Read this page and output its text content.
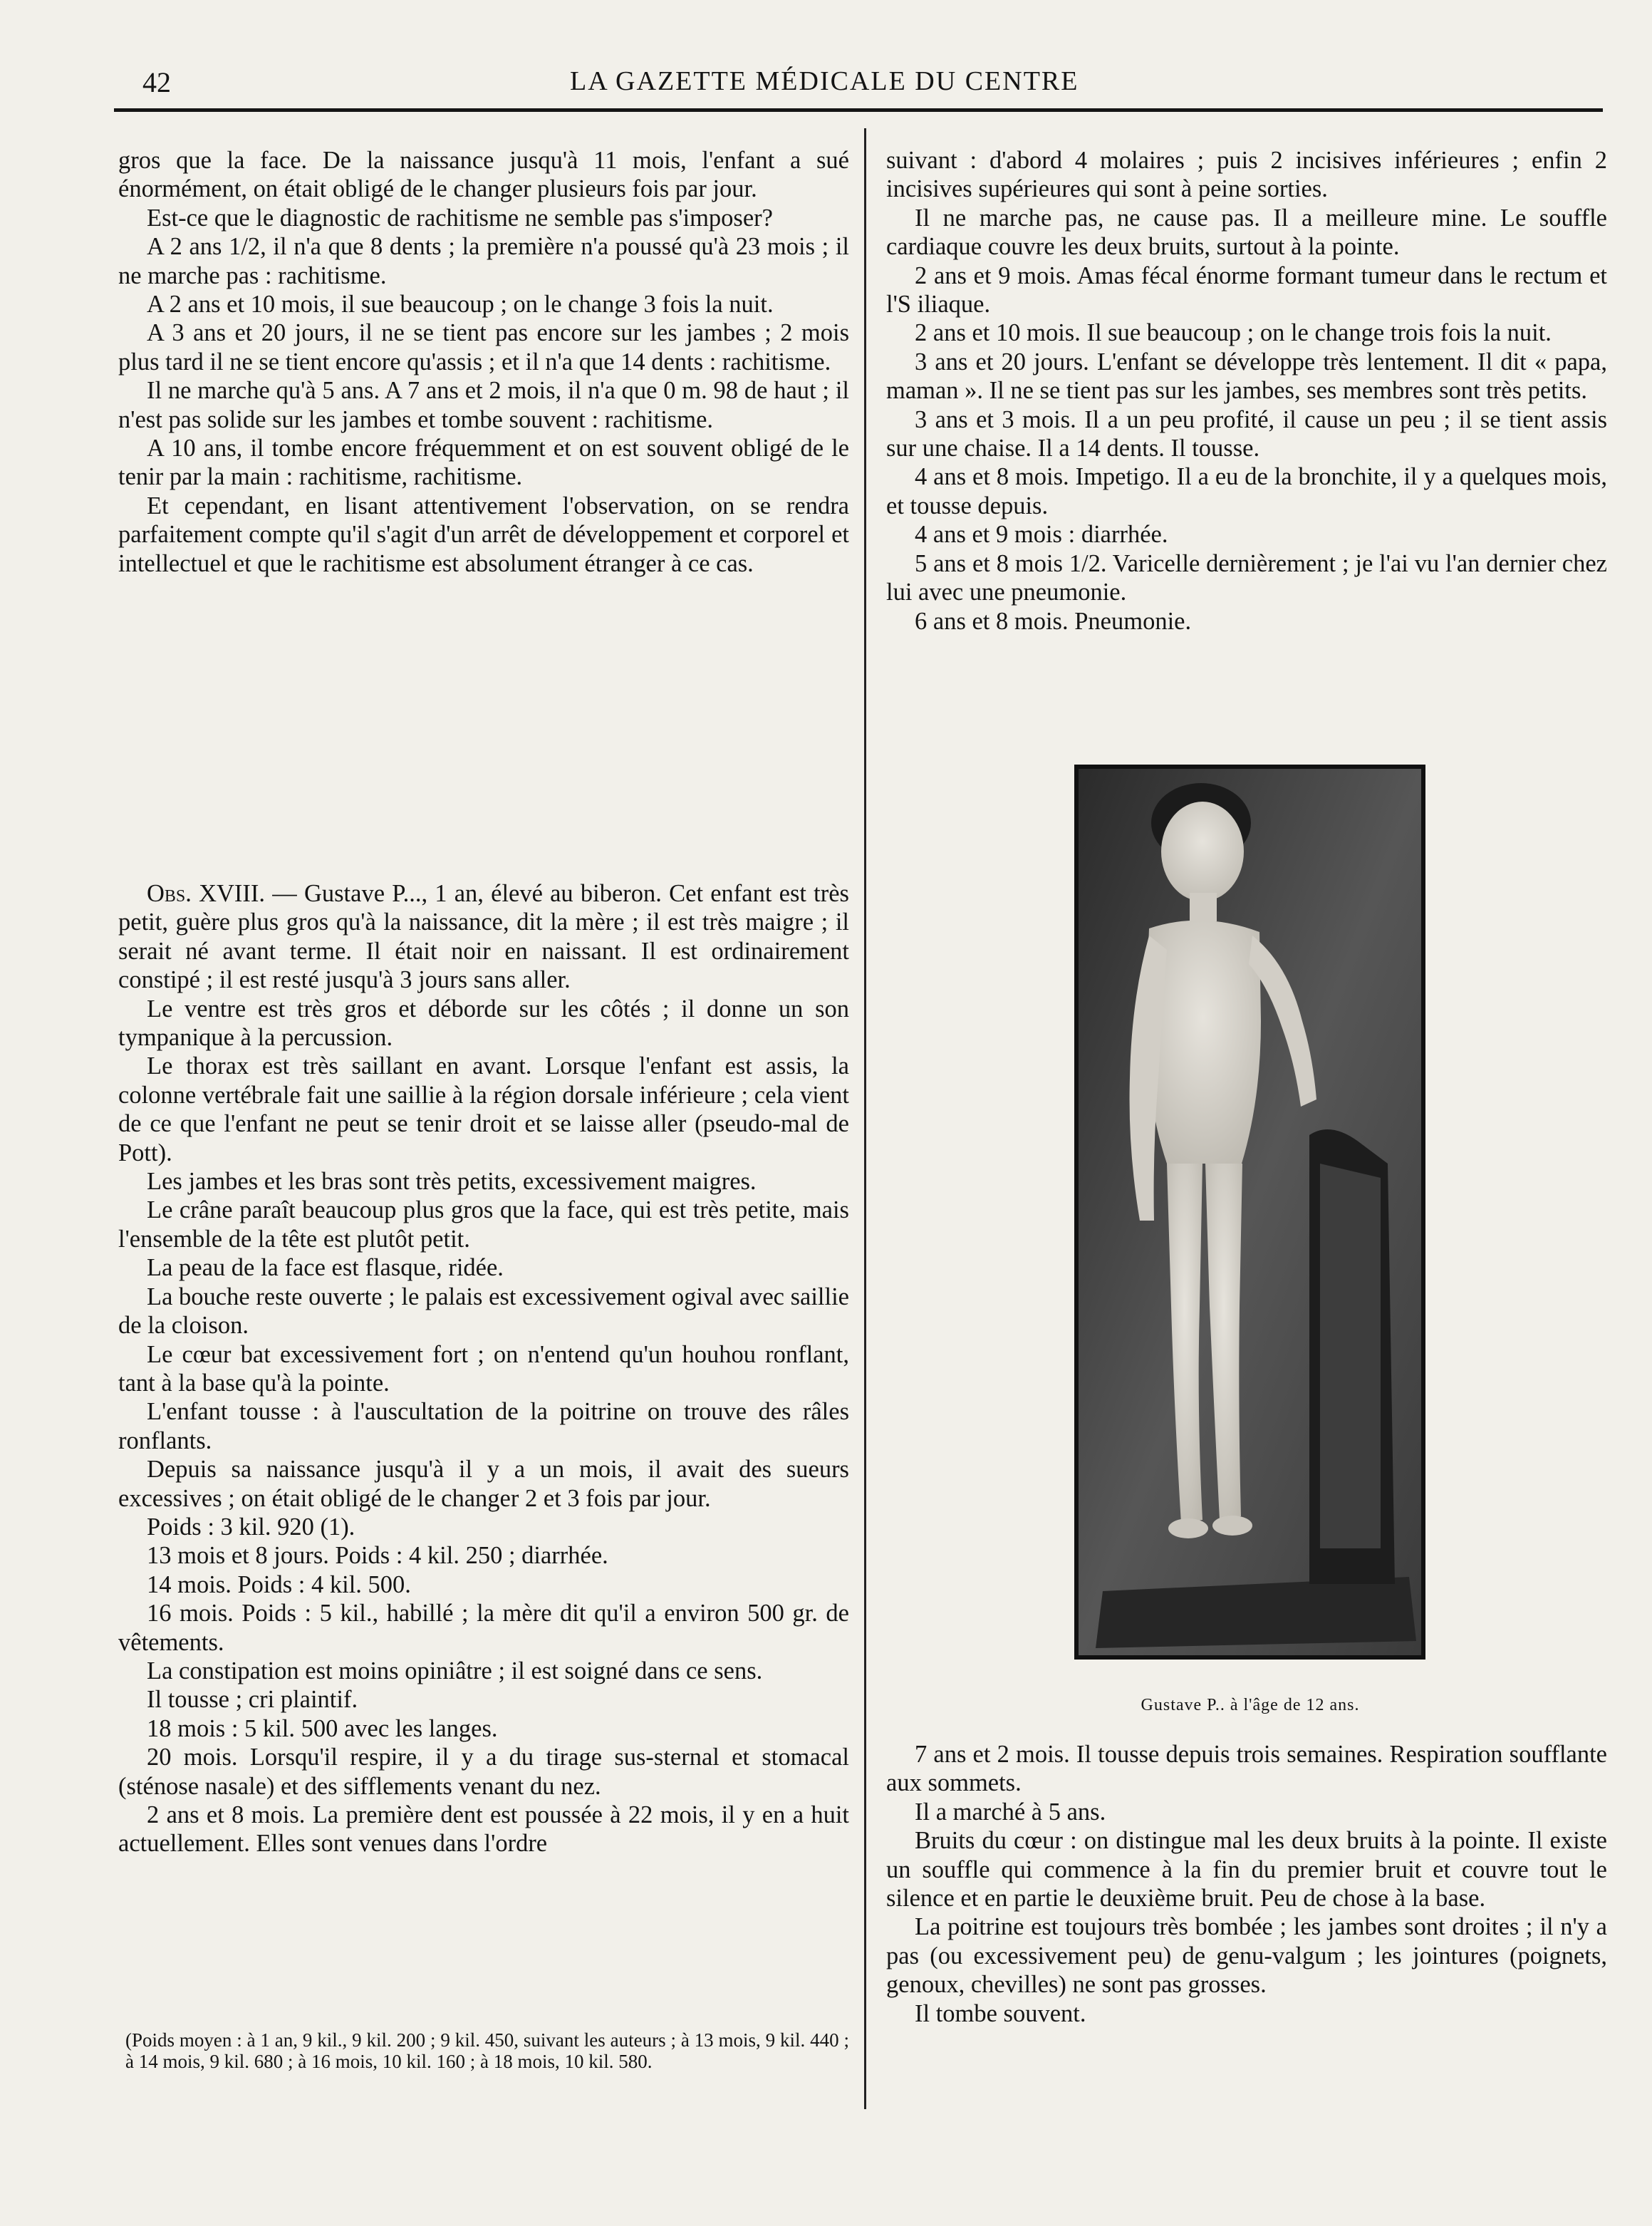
42	LA GAZETTE MÉDICALE DU CENTRE

gros que la face. De la naissance jusqu'à 11 mois, l'enfant a sué énormément, on était obligé de le changer plusieurs fois par jour.

Est-ce que le diagnostic de rachitisme ne semble pas s'imposer?

A 2 ans 1/2, il n'a que 8 dents ; la première n'a poussé qu'à 23 mois ; il ne marche pas : rachitisme.

A 2 ans et 10 mois, il sue beaucoup ; on le change 3 fois la nuit.

A 3 ans et 20 jours, il ne se tient pas encore sur les jambes ; 2 mois plus tard il ne se tient encore qu'assis ; et il n'a que 14 dents : rachitisme.

Il ne marche qu'à 5 ans. A 7 ans et 2 mois, il n'a que 0 m. 98 de haut ; il n'est pas solide sur les jambes et tombe souvent : rachitisme.

A 10 ans, il tombe encore fréquemment et on est souvent obligé de le tenir par la main : rachitisme, rachitisme.

Et cependant, en lisant attentivement l'observation, on se rendra parfaitement compte qu'il s'agit d'un arrêt de développement et corporel et intellectuel et que le rachitisme est absolument étranger à ce cas.

Obs. XVIII. — Gustave P..., 1 an, élevé au biberon. Cet enfant est très petit, guère plus gros qu'à la naissance, dit la mère ; il est très maigre ; il serait né avant terme. Il était noir en naissant. Il est ordinairement constipé ; il est resté jusqu'à 3 jours sans aller.

Le ventre est très gros et déborde sur les côtés ; il donne un son tympanique à la percussion.

Le thorax est très saillant en avant. Lorsque l'enfant est assis, la colonne vertébrale fait une saillie à la région dorsale inférieure ; cela vient de ce que l'enfant ne peut se tenir droit et se laisse aller (pseudo-mal de Pott).

Les jambes et les bras sont très petits, excessivement maigres.

Le crâne paraît beaucoup plus gros que la face, qui est très petite, mais l'ensemble de la tête est plutôt petit.

La peau de la face est flasque, ridée.

La bouche reste ouverte ; le palais est excessivement ogival avec saillie de la cloison.

Le cœur bat excessivement fort ; on n'entend qu'un houhou ronflant, tant à la base qu'à la pointe.

L'enfant tousse : à l'auscultation de la poitrine on trouve des râles ronflants.

Depuis sa naissance jusqu'à il y a un mois, il avait des sueurs excessives ; on était obligé de le changer 2 et 3 fois par jour.

Poids : 3 kil. 920 (1).

13 mois et 8 jours. Poids : 4 kil. 250 ; diarrhée.

14 mois. Poids : 4 kil. 500.

16 mois. Poids : 5 kil., habillé ; la mère dit qu'il a environ 500 gr. de vêtements.

La constipation est moins opiniâtre ; il est soigné dans ce sens.

Il tousse ; cri plaintif.

18 mois : 5 kil. 500 avec les langes.

20 mois. Lorsqu'il respire, il y a du tirage sus-sternal et stomacal (sténose nasale) et des sifflements venant du nez.

2 ans et 8 mois. La première dent est poussée à 22 mois, il y en a huit actuellement. Elles sont venues dans l'ordre

(Poids moyen : à 1 an, 9 kil., 9 kil. 200 ; 9 kil. 450, suivant les auteurs ; à 13 mois, 9 kil. 440 ; à 14 mois, 9 kil. 680 ; à 16 mois, 10 kil. 160 ; à 18 mois, 10 kil. 580.

suivant : d'abord 4 molaires ; puis 2 incisives inférieures ; enfin 2 incisives supérieures qui sont à peine sorties.

Il ne marche pas, ne cause pas. Il a meilleure mine. Le souffle cardiaque couvre les deux bruits, surtout à la pointe.

2 ans et 9 mois. Amas fécal énorme formant tumeur dans le rectum et l'S iliaque.

2 ans et 10 mois. Il sue beaucoup ; on le change trois fois la nuit.

3 ans et 20 jours. L'enfant se développe très lentement. Il dit « papa, maman ». Il ne se tient pas sur les jambes, ses membres sont très petits.

3 ans et 3 mois. Il a un peu profité, il cause un peu ; il se tient assis sur une chaise. Il a 14 dents. Il tousse.

4 ans et 8 mois. Impetigo. Il a eu de la bronchite, il y a quelques mois, et tousse depuis.

4 ans et 9 mois : diarrhée.

5 ans et 8 mois 1/2. Varicelle dernièrement ; je l'ai vu l'an dernier chez lui avec une pneumonie.

6 ans et 8 mois. Pneumonie.

Gustave P.. à l'âge de 12 ans.

7 ans et 2 mois. Il tousse depuis trois semaines. Respiration soufflante aux sommets.

Il a marché à 5 ans.

Bruits du cœur : on distingue mal les deux bruits à la pointe. Il existe un souffle qui commence à la fin du premier bruit et couvre tout le silence et en partie le deuxième bruit. Peu de chose à la base.

La poitrine est toujours très bombée ; les jambes sont droites ; il n'y a pas (ou excessivement peu) de genu-valgum ; les jointures (poignets, genoux, chevilles) ne sont pas grosses.

Il tombe souvent.
